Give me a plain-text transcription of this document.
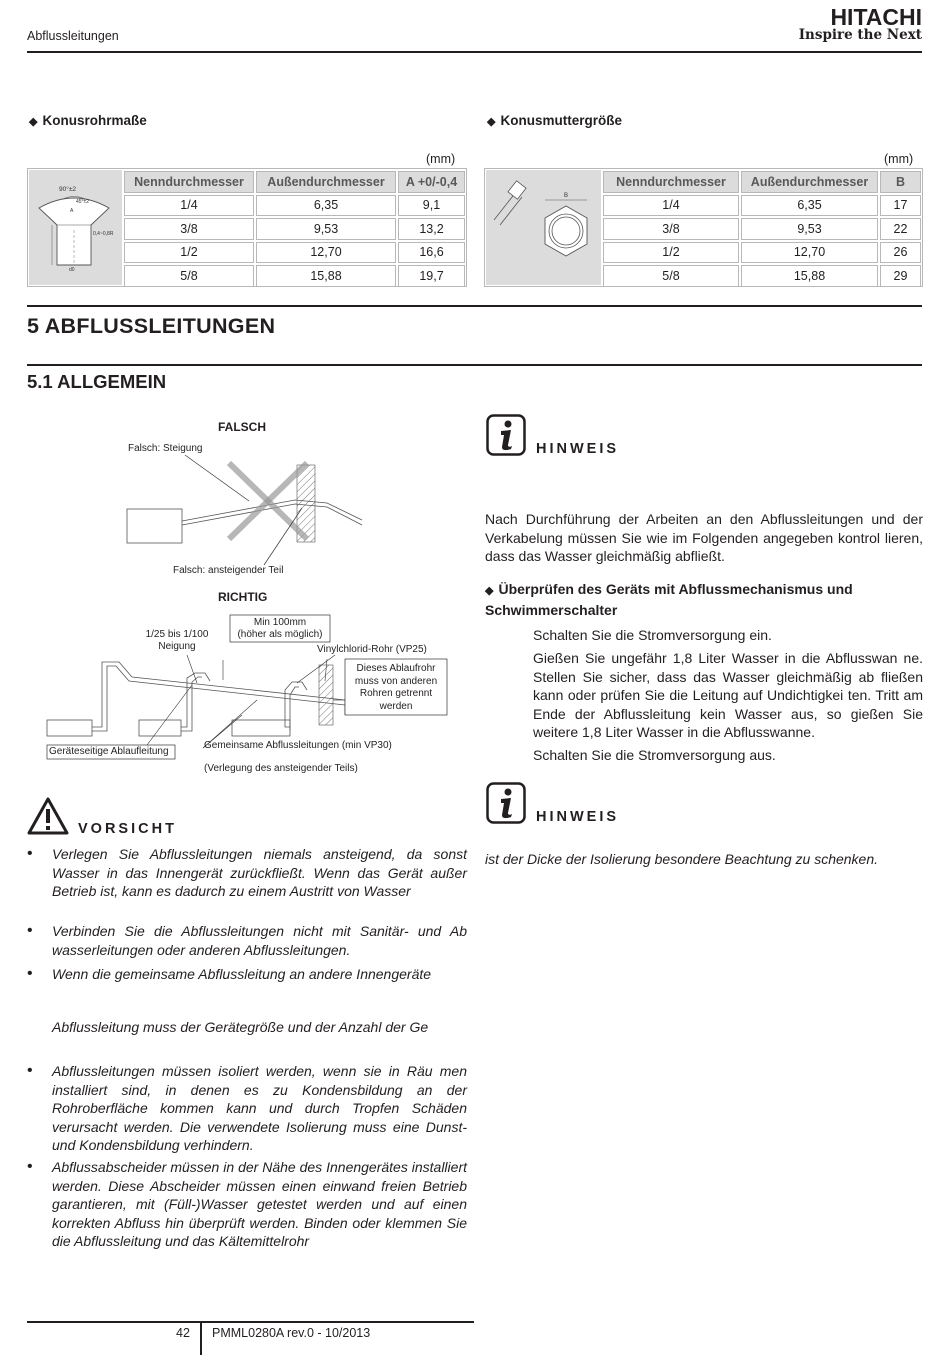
Abflussleitungen
HITACHI
Inspire the Next
◆ Konusrohrmaße
(mm)
90°±2
45°±2
A
0,4~0,8R
d0
Nenndurchmesser	Außendurchmesser	A +0/-0,4
1/4	6,35	9,1
3/8	9,53	13,2
1/2	12,70	16,6
5/8	15,88	19,7
◆ Konusmuttergröße
(mm)
B
Nenndurchmesser	Außendurchmesser	B
1/4	6,35	17
3/8	9,53	22
1/2	12,70	26
5/8	15,88	29
5 ABFLUSSLEITUNGEN
5.1 ALLGEMEIN
FALSCH
Falsch: Steigung
Falsch: ansteigender Teil
RICHTIG
1/25 bis 1/100
Neigung
Min 100mm
(höher als möglich)
Vinylchlorid-Rohr (VP25)
Dieses Ablaufrohr
muss von anderen
Rohren getrennt
werden
Geräteseitige Ablaufleitung
Gemeinsame Abflussleitungen (min VP30)
(Verlegung des ansteigender Teils)
VORSICHT
• Verlegen Sie Abflussleitungen niemals ansteigend, da sonst Wasser in das Innengerät zurückfließt. Wenn das Gerät außer Betrieb ist, kann es dadurch zu einem Austritt von Wasser
• Verbinden Sie die Abflussleitungen nicht mit Sanitär- und Ab wasserleitungen oder anderen Abflussleitungen.
• Wenn die gemeinsame Abflussleitung an andere Innengeräte
Abflussleitung muss der Gerätegröße und der Anzahl der Ge
• Abflussleitungen müssen isoliert werden, wenn sie in Räu men installiert sind, in denen es zu Kondensbildung an der Rohroberfläche kommen kann und durch Tropfen Schäden verursacht werden. Die verwendete Isolierung muss eine Dunst- und Kondensbildung verhindern.
• Abflussabscheider müssen in der Nähe des Innengerätes installiert werden. Diese Abscheider müssen einen einwand freien Betrieb garantieren, mit (Füll-)Wasser getestet werden und auf einen korrekten Abfluss hin überprüft werden. Binden oder klemmen Sie die Abflussleitung und das Kältemittelrohr
HINWEIS
Nach Durchführung der Arbeiten an den Abflussleitungen und der Verkabelung müssen Sie wie im Folgenden angegeben kontrol lieren, dass das Wasser gleichmäßig abfließt.
◆ Überprüfen des Geräts mit Abflussmechanismus und Schwimmerschalter
Schalten Sie die Stromversorgung ein.
Gießen Sie ungefähr 1,8 Liter Wasser in die Abflusswan ne. Stellen Sie sicher, dass das Wasser gleichmäßig ab fließen kann oder prüfen Sie die Leitung auf Undichtigkei ten. Tritt am Ende der Abflussleitung kein Wasser aus, so gießen Sie weitere 1,8 Liter Wasser in die Abflusswanne.
Schalten Sie die Stromversorgung aus.
HINWEIS
ist der Dicke der Isolierung besondere Beachtung zu schenken.
42 PMML0280A rev.0 - 10/2013
